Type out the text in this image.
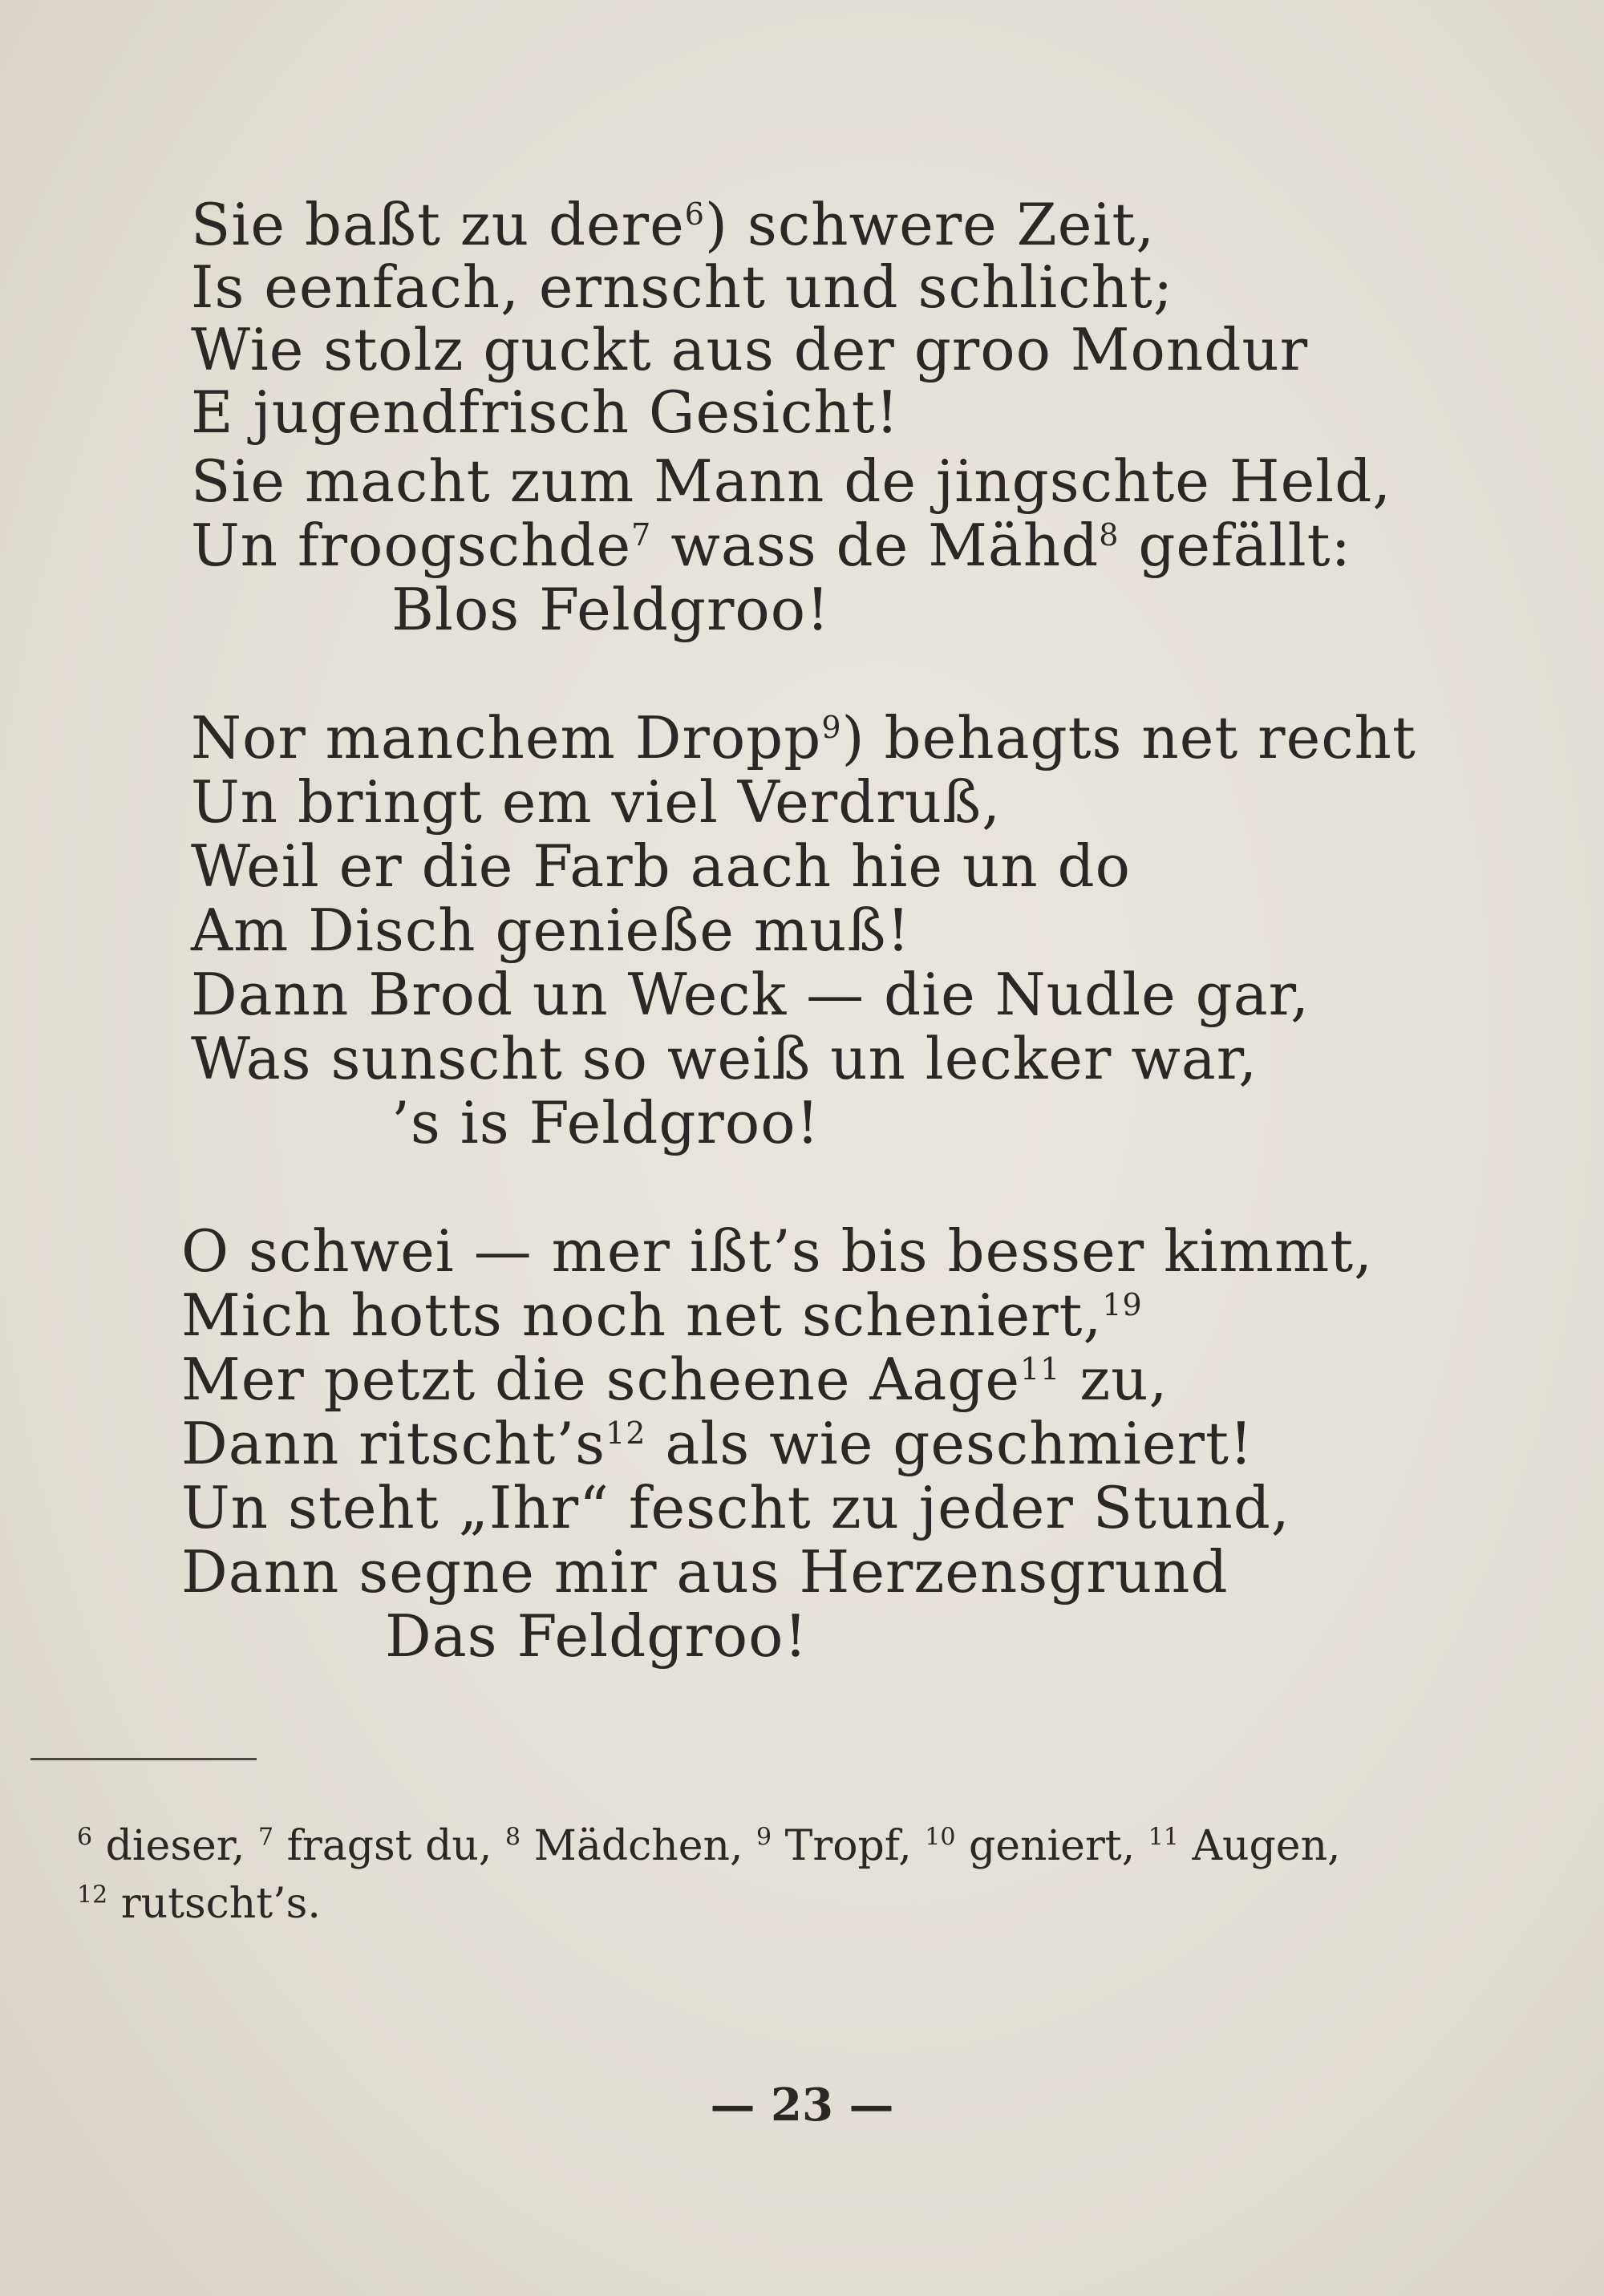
Sie baßt zu dere$^6$) schwere Zeit,
Is eenfach, ernscht und schlicht;
Wie stolz guckt aus der groo Mondur
E jugendfrisch Gesicht!
Sie macht zum Mann de jingschte Held,
Un froogschde$^7$ wass de Mähd$^8$ gefällt:
Blos Feldgroo!
Nor manchem Dropp$^9$) behagts net recht
Un bringt em viel Verdruß,
Weil er die Farb aach hie un do
Am Disch genieße muß!
Dann Brod un Weck — die Nudle gar,
Was sunscht so weiß un lecker war,
’s is Feldgroo!
O schwei — mer ißt’s bis besser kimmt,
Mich hotts noch net scheniert,$^{19}$
Mer petzt die scheene Aage$^{11}$ zu,
Dann ritscht’s$^{12}$ als wie geschmiert!
Un steht „Ihr“ fescht zu jeder Stund,
Dann segne mir aus Herzensgrund
Das Feldgroo!
$^6$ dieser, $^7$ fragst du, $^8$ Mädchen, $^9$ Tropf, $^{10}$ geniert, $^{11}$ Augen,
$^{12}$ rutscht’s.
— 23 —
